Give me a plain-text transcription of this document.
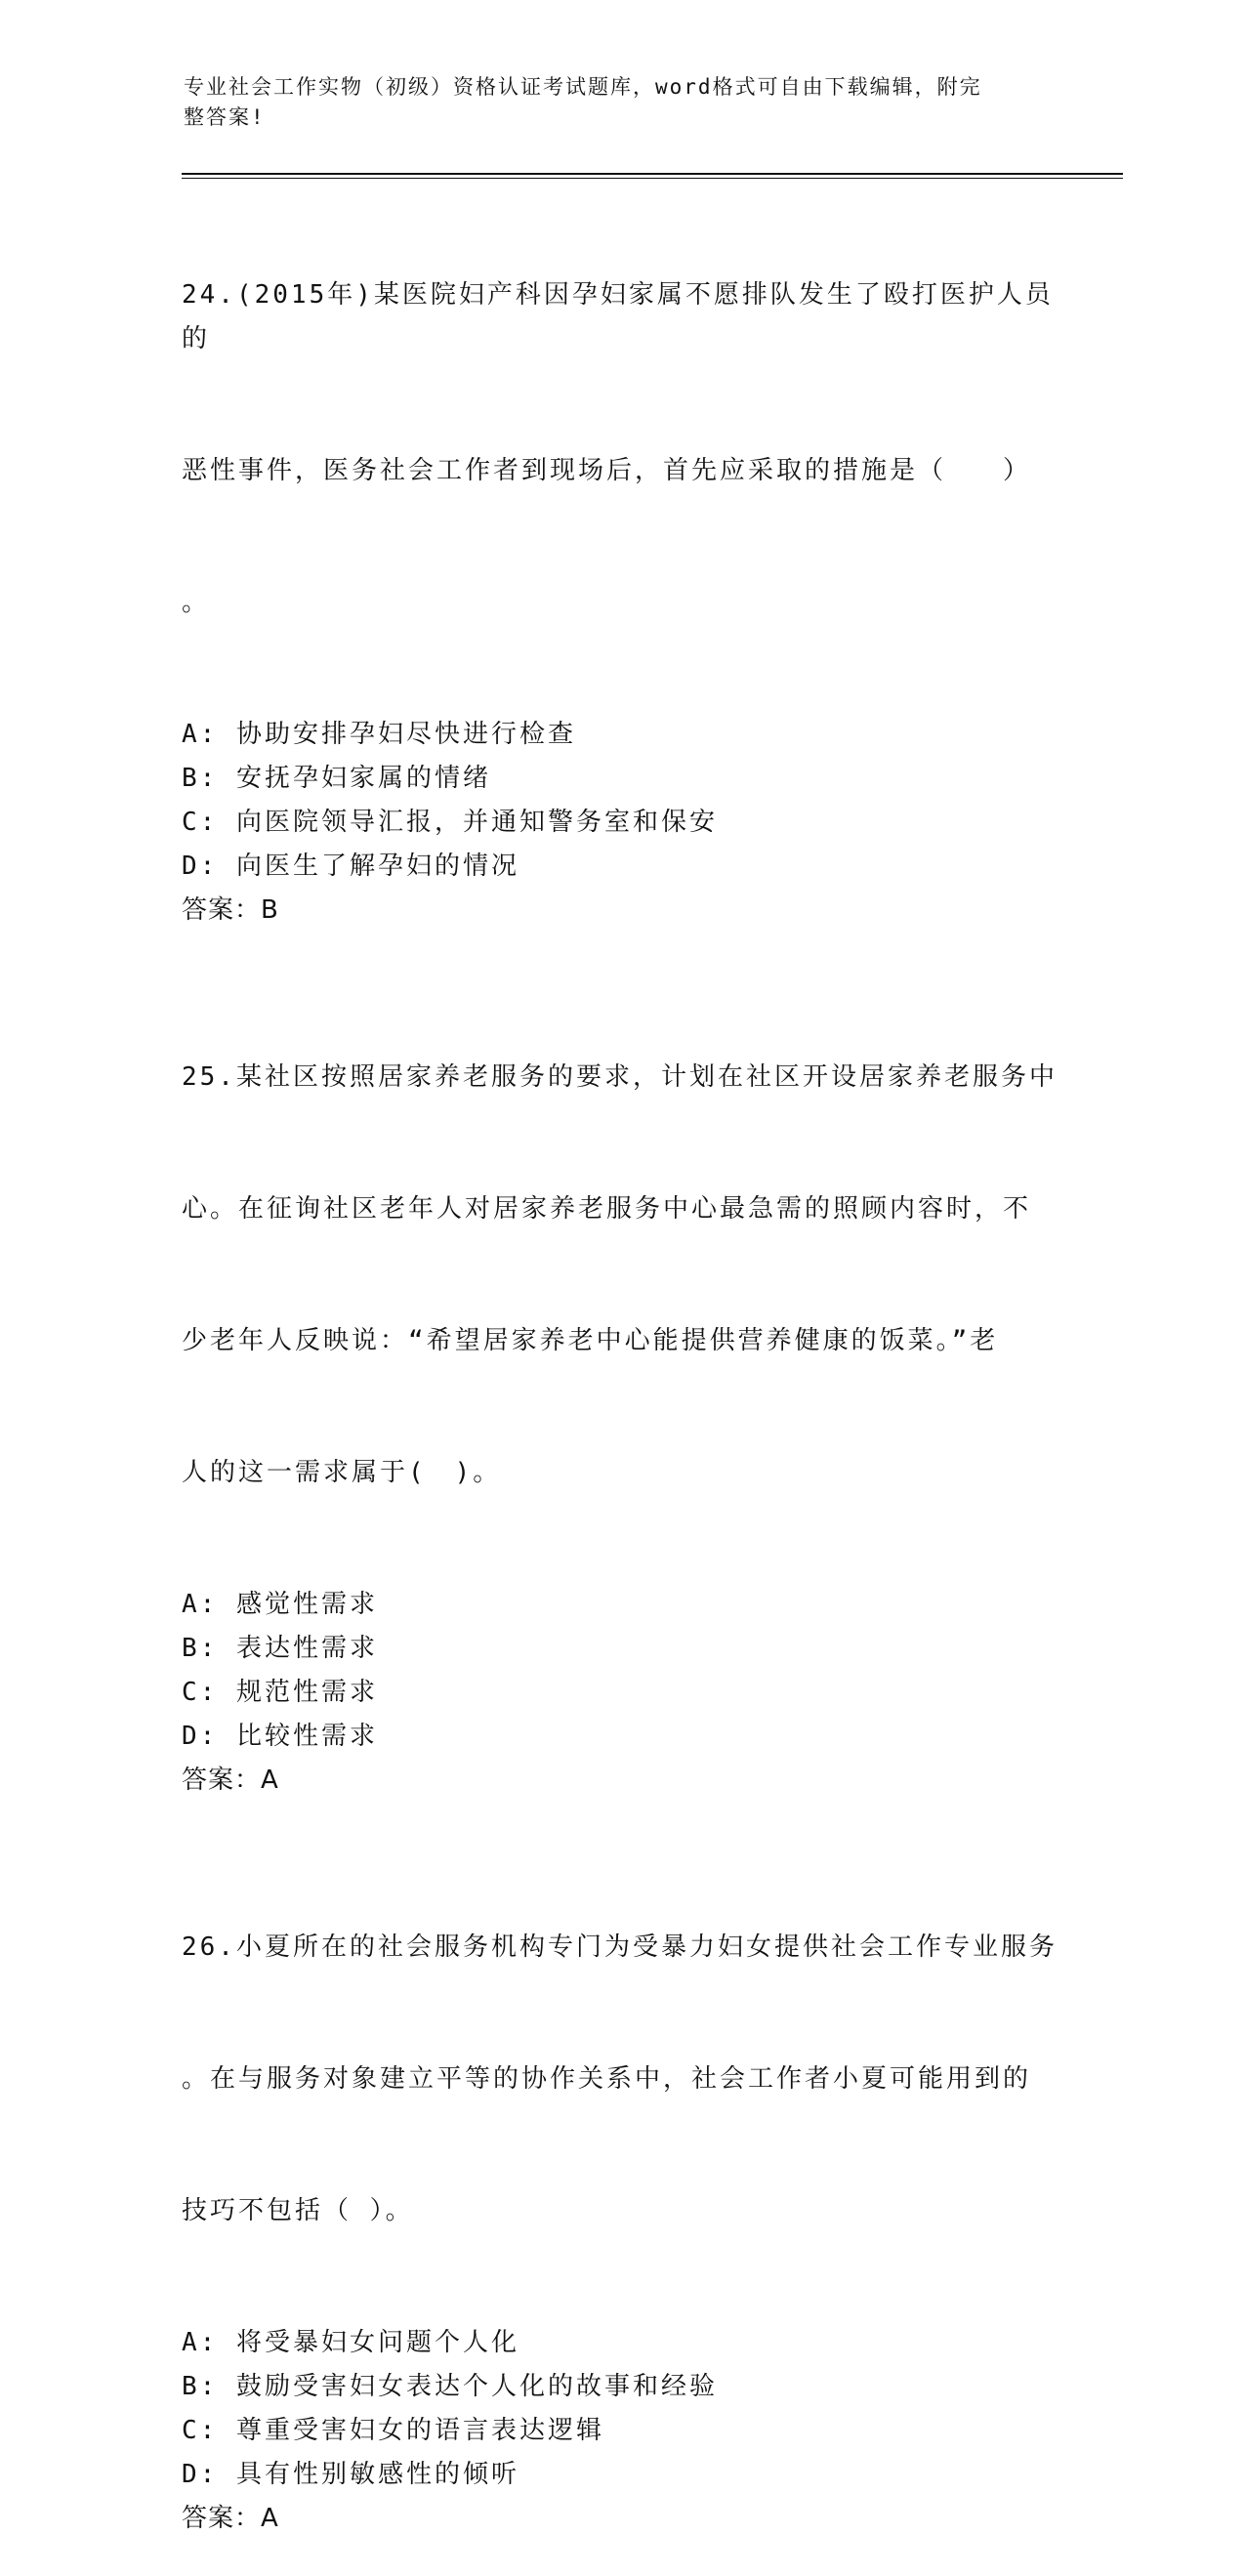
专业社会工作实物（初级）资格认证考试题库，word格式可自由下载编辑，附完
整答案!

24.(2015年)某医院妇产科因孕妇家属不愿排队发生了殴打医护人员的

恶性事件，医务社会工作者到现场后，首先应采取的措施是（　　）

。

A: 协助安排孕妇尽快进行检查
B: 安抚孕妇家属的情绪
C: 向医院领导汇报，并通知警务室和保安
D: 向医生了解孕妇的情况
答案：B

25.某社区按照居家养老服务的要求，计划在社区开设居家养老服务中

心。在征询社区老年人对居家养老服务中心最急需的照顾内容时，不

少老年人反映说：“希望居家养老中心能提供营养健康的饭菜。”老

人的这一需求属于(　)。

A: 感觉性需求
B: 表达性需求
C: 规范性需求
D: 比较性需求
答案：A

26.小夏所在的社会服务机构专门为受暴力妇女提供社会工作专业服务

。在与服务对象建立平等的协作关系中，社会工作者小夏可能用到的

技巧不包括（ ）。

A: 将受暴妇女问题个人化
B: 鼓励受害妇女表达个人化的故事和经验
C: 尊重受害妇女的语言表达逻辑
D: 具有性别敏感性的倾听
答案：A
